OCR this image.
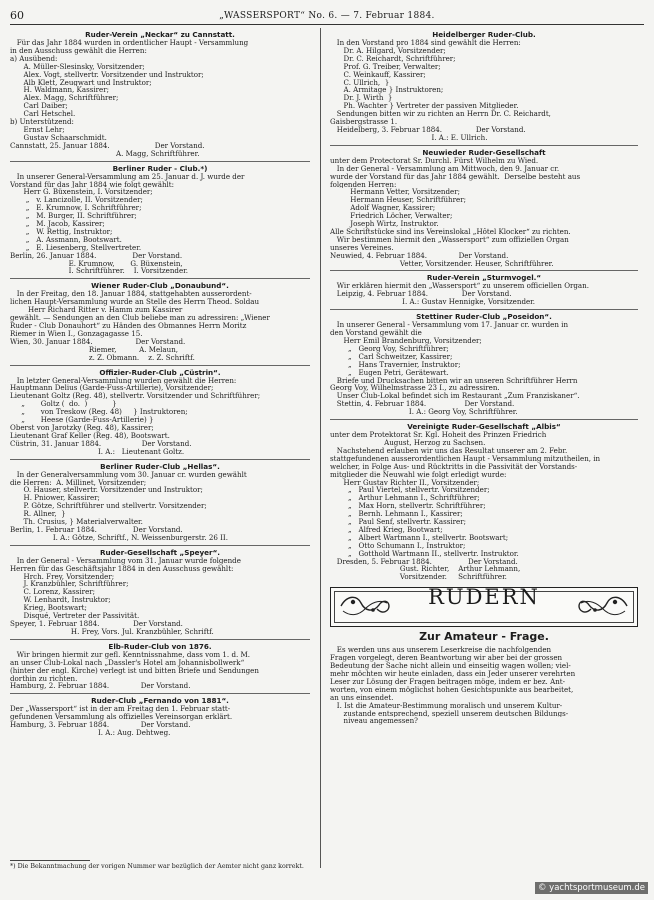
60	„WASSERSPORT“ No. 6. — 7. Februar 1884.
Ruder-Verein „Neckar“ zu Cannstatt.

Für das Jahr 1884 wurden in ordentlicher Haupt - Versammlung

in den Ausschuss gewählt die Herren:

a) Ausübend:

A. Müller-Slesinsky, Vorsitzender;

Alex. Vogt, stellvertr. Vorsitzender und Instruktor;

Alb Klett, Zeugwart und Instruktor;

H. Waldmann, Kassirer;

Alex. Magg, Schriftführer;

Carl Daiber;

Carl Hetschel.

b) Unterstützend:

Ernst Lehr;

Gustav Schaarschmidt.

Cannstatt, 25. Januar 1884.                    Der Vorstand.

A. Magg, Schriftführer.

Berliner Ruder - Club.*)

In unserer General-Versammlung am 25. Januar d. J. wurde der

Vorstand für das Jahr 1884 wie folgt gewählt:

Herr G. Büxenstein, I. Vorsitzender;

„   v. Lancizolle, II. Vorsitzender;

„   E. Krumnow, I. Schriftführer;

„   M. Burger, II. Schriftführer;

„   M. Jacob, Kassirer;

„   W. Rettig, Instruktor;

„   A. Assmann, Bootswart.

„   E. Liesenberg, Stellvertreter.

Berlin, 26. Januar 1884.                Der Vorstand.

E. Krumnow,       G. Büxenstein,

I. Schriftführer.    I. Vorsitzender.

Wiener Ruder-Club „Donaubund“.

In der Freitag, den 18. Januar 1884, stattgehabten ausserordent-

lichen Haupt-Versammlung wurde an Stelle des Herrn Theod. Soldau

Herr Richard Ritter v. Hamm zum Kassirer

gewählt. — Sendungen an den Club beliebe man zu adressiren: „Wiener

Ruder - Club Donauhort“ zu Händen des Obmannes Herrn Moritz

Riemer in Wien I., Gonzagagasse 15.

Wien, 30. Januar 1884.                   Der Vorstand.

Riemer,          A. Melaun,

z. Z. Obmann.    z. Z. Schriftf.

Offizier-Ruder-Club „Cüstrin“.

In letzter General-Versammlung wurden gewählt die Herren:

Hauptmann Delius (Garde-Fuss-Artillerie), Vorsitzender;

Lieutenant Goltz (Reg. 48), stellvertr. Vorsitzender und Schriftführer;

„       Goltz (  do.  )           }

„       von Treskow (Reg. 48)     } Instruktoren;

„       Heese (Garde-Fuss-Artillerie) }

Oberst von Jarotzky (Reg. 48), Kassirer;

Lieutenant Graf Keller (Reg. 48), Bootswart.

Cüstrin, 31. Januar 1884.                  Der Vorstand.

I. A.:   Lieutenant Goltz.

Berliner Ruder-Club „Hellas“.

In der Generalversammlung vom 30. Januar cr. wurden gewählt

die Herren:  A. Millinet, Vorsitzender;

O. Hauser, stellvertr. Vorsitzender und Instruktor;

H. Pniower, Kassirer;

P. Götze, Schriftführer und stellvertr. Vorsitzender;

R. Allner,  }

Th. Crusius, } Materialverwalter.

Berlin, 1. Februar 1884.                Der Vorstand.

I. A.: Götze, Schriftf., N. Weissenburgerstr. 26 II.

Ruder-Gesellschaft „Speyer“.

In der General - Versammlung vom 31. Januar wurde folgende

Herren für das Geschäftsjahr 1884 in den Ausschuss gewählt:

Hrch. Frey, Vorsitzender;

J. Kranzbühler, Schriftführer;

C. Lorenz, Kassirer;

W. Lenhardt, Instruktor;

Krieg, Bootswart;

Disqué, Vertreter der Passivität.

Speyer, 1. Februar 1884.               Der Vorstand.

H. Frey, Vors. Jul. Kranzbühler, Schriftf.

Elb-Ruder-Club von 1876.

Wir bringen hiermit zur gefl. Kenntnissnahme, dass vom 1. d. M.

an unser Club-Lokal nach „Dassler's Hotel am Johannisbollwerk“

(hinter der engl. Kirche) verlegt ist und bitten Briefe und Sendungen

dorthin zu richten.

Hamburg, 2. Februar 1884.              Der Vorstand.

Ruder-Club „Fernando von 1881“.

Der „Wassersport“ ist in der am Freitag den 1. Februar statt-

gefundenen Versammlung als offizielles Vereinsorgan erklärt.

Hamburg, 3. Februar 1884.              Der Vorstand.

I. A.: Aug. Dehtweg.

Heidelberger Ruder-Club.

In den Vorstand pro 1884 sind gewählt die Herren:

Dr. A. Hilgard, Vorsitzender;

Dr. C. Reichardt, Schriftführer;

Prof. G. Treiber, Verwalter;

C. Weinkauff, Kassirer;

C. Ullrich,  }

A. Armitage } Instruktoren;

Dr. J. Wirth  }

Ph. Wachter } Vertreter der passiven Mitglieder.

Sendungen bitten wir zu richten an Herrn Dr. C. Reichardt,

Gaisbergstrasse 1.

Heidelberg, 3. Februar 1884.               Der Vorstand.

I. A.: E. Ullrich.

Neuwieder Ruder-Gesellschaft

unter dem Protectorat Sr. Durchl. Fürst Wilhelm zu Wied.

In der General - Versammlung am Mittwoch, den 9. Januar cr.

wurde der Vorstand für das Jahr 1884 gewählt.  Derselbe besteht aus

folgenden Herren:

Hermann Vetter, Vorsitzender;

Hermann Heuser, Schriftführer;

Adolf Wagner, Kassirer;

Friedrich Löcher, Verwalter;

Joseph Wirtz, Instruktor.

Alle Schriftstücke sind ins Vereinslokal „Hôtel Klocker“ zu richten.

Wir bestimmen hiermit den „Wassersport“ zum offiziellen Organ

unseres Vereines.

Neuwied, 4. Februar 1884.              Der Vorstand.

Vetter, Vorsitzender. Heuser, Schriftführer.

Ruder-Verein „Sturmvogel.“

Wir erklären hiermit den „Wassersport“ zu unserem officiellen Organ.

Leipzig, 4. Februar 1884.               Der Vorstand.

I. A.: Gustav Hennigke, Vorsitzender.

Stettiner Ruder-Club „Poseidon“.

In unserer General - Versammlung vom 17. Januar cr. wurden in

den Vorstand gewählt die

Herr Emil Brandenburg, Vorsitzender;

„   Georg Voy, Schriftführer;

„   Carl Schweitzer, Kassirer;

„   Hans Travernier, Instruktor;

„   Eugen Petri, Gerätewart.

Briefe und Drucksachen bitten wir an unseren Schriftführer Herrn

Georg Voy, Wilhelmstrasse 23 I., zu adressiren.

Unser Club-Lokal befindet sich im Restaurant „Zum Franziskaner“.

Stettin, 4. Februar 1884.                 Der Vorstand.

I. A.: Georg Voy, Schriftführer.

Vereinigte Ruder-Gesellschaft „Albis“

unter dem Protektorat Sr. Kgl. Hoheit des Prinzen Friedrich

August, Herzog zu Sachsen.

Nachstehend erlauben wir uns das Resultat unserer am 2. Febr.

stattgefundenen ausserordentlichen Haupt - Versammlung mitzutheilen, in

welcher, in Folge Aus- und Rücktritts in die Passivität der Vorstands-

mitglieder die Neuwahl wie folgt erledigt wurde:

Herr Gustav Richter II., Vorsitzender;

„   Paul Viertel, stellvertr. Vorsitzender;

„   Arthur Lehmann I., Schriftführer;

„   Max Horn, stellvertr. Schriftführer;

„   Bernh. Lehmann I., Kassirer;

„   Paul Senf, stellvertr. Kassirer;

„   Alfred Krieg, Bootwart;

„   Albert Wartmann I., stellvertr. Bootswart;

„   Otto Schumann I., Instruktor;

„   Gotthold Wartmann II., stellvertr. Instruktor.

Dresden, 5. Februar 1884.                Der Vorstand.

Gust. Richter,    Arthur Lehmann,

Vorsitzender.     Schriftführer.

RUDERN
Zur Amateur - Frage.

Es werden uns aus unserem Leserkreise die nachfolgenden

Fragen vorgelegt, deren Beantwortung wir aber bei der grossen

Bedeutung der Sache nicht allein und einseitig wagen wollen; viel-

mehr möchten wir heute einladen, dass ein Jeder unserer verehrten

Leser zur Lösung der Fragen beitragen möge, indem er bez. Ant-

worten, von einem möglichst hohen Gesichtspunkte aus bearbeitet,

an uns einsendet.

I. Ist die Amateur-Bestimmung moralisch und unserem Kultur-

zustande entsprechend, speziell unserem deutschen Bildungs-

niveau angemessen?

*) Die Bekanntmachung der vorigen Nummer war bezüglich der Aemter nicht ganz korrekt.
© yachtsportmuseum.de
